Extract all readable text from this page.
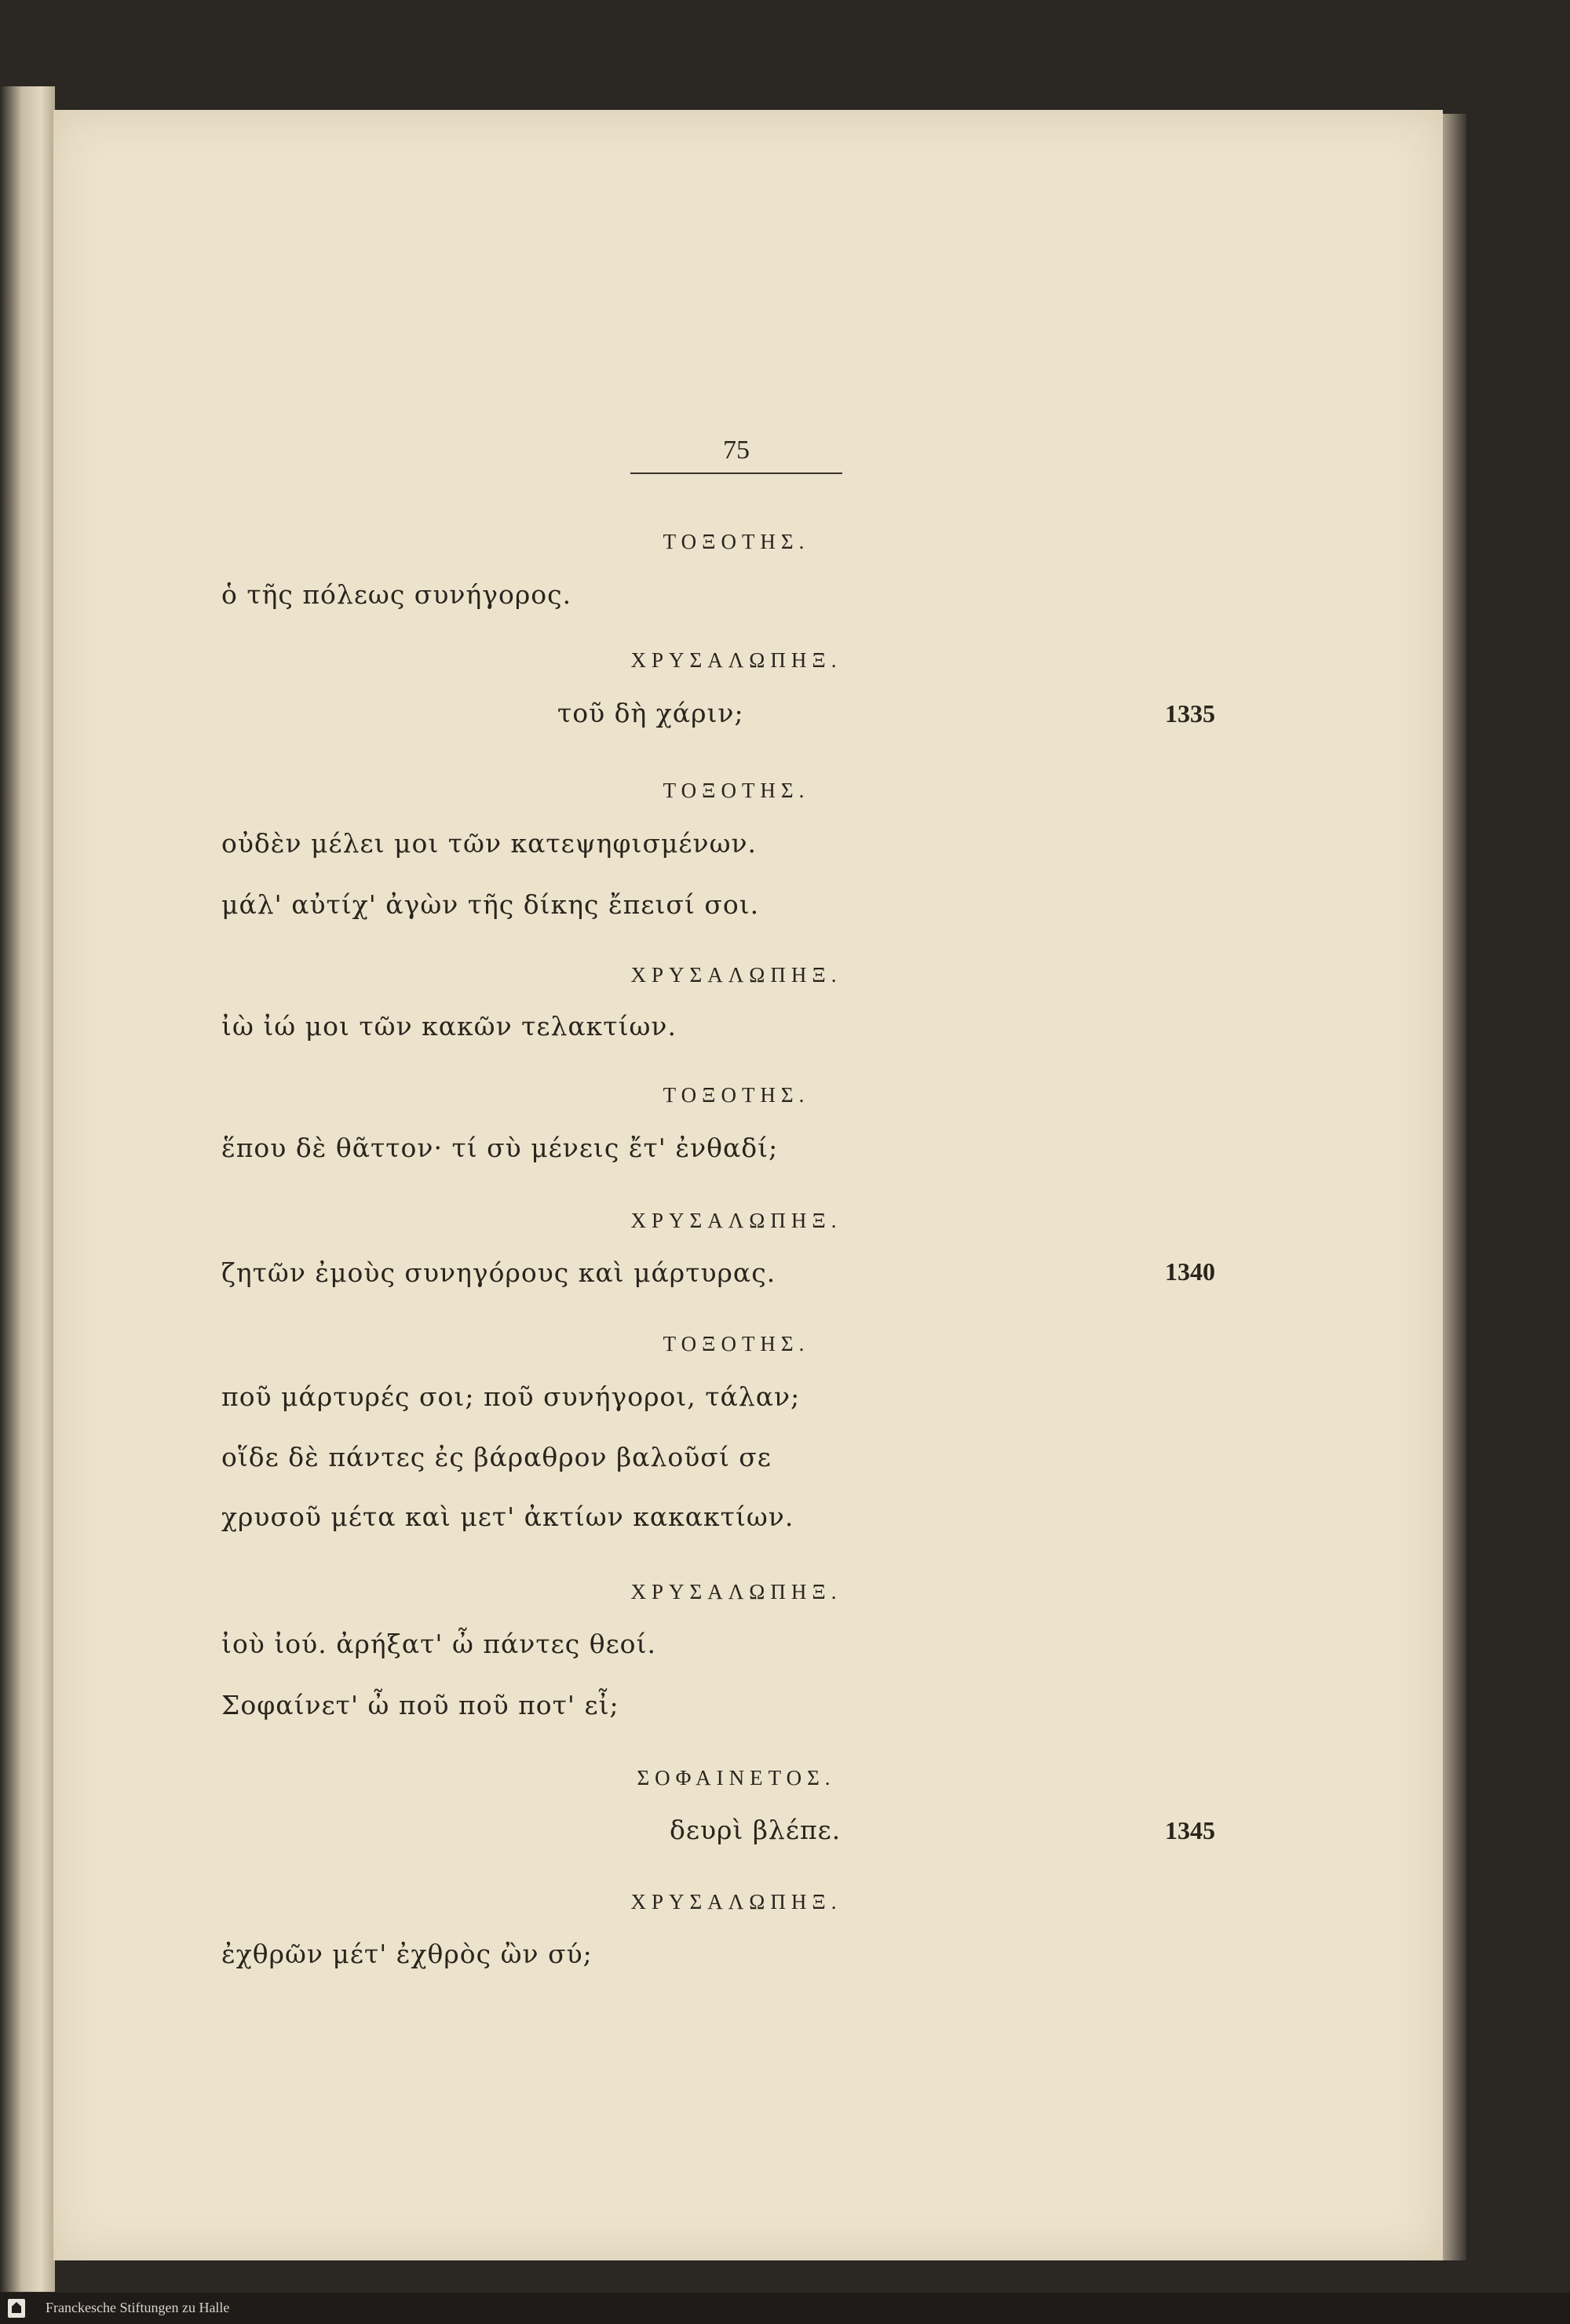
75
ΤΟΞΟΤΗΣ.
ὁ τῆς πόλεως συνήγορος.
ΧΡΥΣΑΛΩΠΗΞ.
τοῦ δὴ χάριν;	1335
ΤΟΞΟΤΗΣ.
οὐδὲν μέλει μοι τῶν κατεψηφισμένων.
μάλ' αὐτίχ' ἀγὼν τῆς δίκης ἔπεισί σοι.
ΧΡΥΣΑΛΩΠΗΞ.
ἰὼ ἰώ μοι τῶν κακῶν τελακτίων.
ΤΟΞΟΤΗΣ.
ἕπου δὲ θᾶττον· τί σὺ μένεις ἔτ' ἐνθαδί;
ΧΡΥΣΑΛΩΠΗΞ.
ζητῶν ἐμοὺς συνηγόρους καὶ μάρτυρας.	1340
ΤΟΞΟΤΗΣ.
ποῦ μάρτυρές σοι; ποῦ συνήγοροι, τάλαν;
οἵδε δὲ πάντες ἐς βάραθρον βαλοῦσί σε
χρυσοῦ μέτα καὶ μετ' ἀκτίων κακακτίων.
ΧΡΥΣΑΛΩΠΗΞ.
ἰοὺ ἰού. ἀρήξατ' ὦ πάντες θεοί.
Σοφαίνετ' ὦ ποῦ ποῦ ποτ' εἶ;
ΣΟΦΑΙΝΕΤΟΣ.
δευρὶ βλέπε.	1345
ΧΡΥΣΑΛΩΠΗΞ.
ἐχθρῶν μέτ' ἐχθρὸς ὢν σύ;
Franckesche Stiftungen zu Halle
